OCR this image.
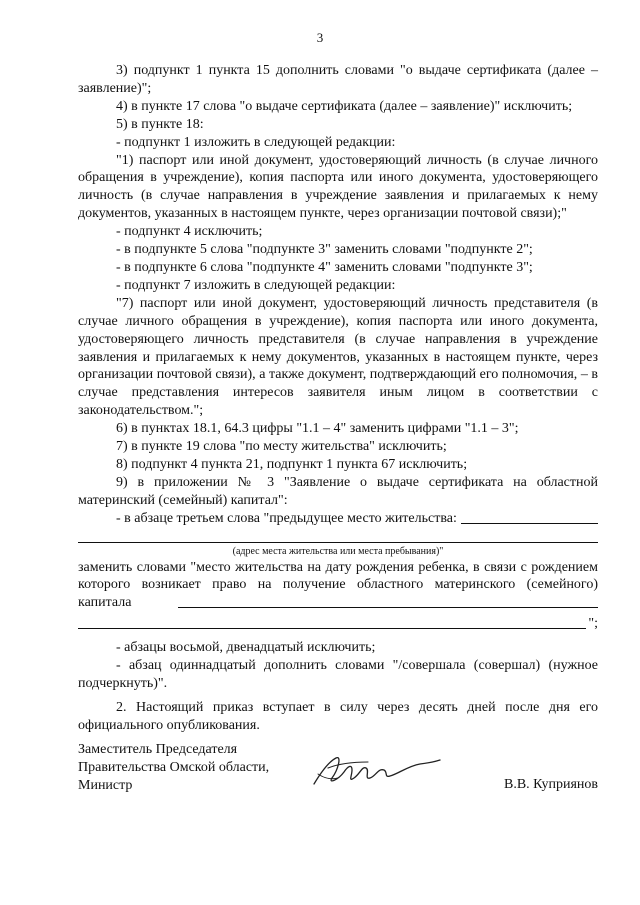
3

3) подпункт 1 пункта 15 дополнить словами "о выдаче сертификата (далее – заявление)";

4) в пункте 17 слова "о выдаче сертификата (далее – заявление)" исключить;

5) в пункте 18:

- подпункт 1 изложить в следующей редакции:

"1) паспорт или иной документ, удостоверяющий личность (в случае личного обращения в учреждение), копия паспорта или иного документа, удостоверяющего личность (в случае направления в учреждение заявления и прилагаемых к нему документов, указанных в настоящем пункте, через организации почтовой связи);"

- подпункт 4 исключить;

- в подпункте 5 слова "подпункте 3" заменить словами "подпункте 2";

- в подпункте 6 слова "подпункте 4" заменить словами "подпункте 3";

- подпункт 7 изложить в следующей редакции:

"7) паспорт или иной документ, удостоверяющий личность представителя (в случае личного обращения в учреждение), копия паспорта или иного документа, удостоверяющего личность представителя (в случае направления в учреждение заявления и прилагаемых к нему документов, указанных в настоящем пункте, через организации почтовой связи), а также документ, подтверждающий его полномочия, – в случае представления интересов заявителя иным лицом в соответствии с законодательством.";

6) в пунктах 18.1, 64.3 цифры "1.1 – 4" заменить цифрами "1.1 – 3";

7) в пункте 19 слова "по месту жительства" исключить;

8) подпункт 4 пункта 21, подпункт 1 пункта 67 исключить;

9) в приложении № 3 "Заявление о выдаче сертификата на областной материнский (семейный) капитал":

- в абзаце третьем слова "предыдущее место жительства:
(адрес места жительства или места пребывания)"

заменить словами "место жительства на дату рождения ребенка, в связи с рождением которого возникает право на получение областного материнского (семейного) капитала

";

- абзацы восьмой, двенадцатый исключить;

- абзац одиннадцатый дополнить словами "/совершала (совершал) (нужное подчеркнуть)".

2. Настоящий приказ вступает в силу через десять дней после дня его официального опубликования.

Заместитель Председателя
Правительства Омской области,
Министр	В.В. Куприянов
